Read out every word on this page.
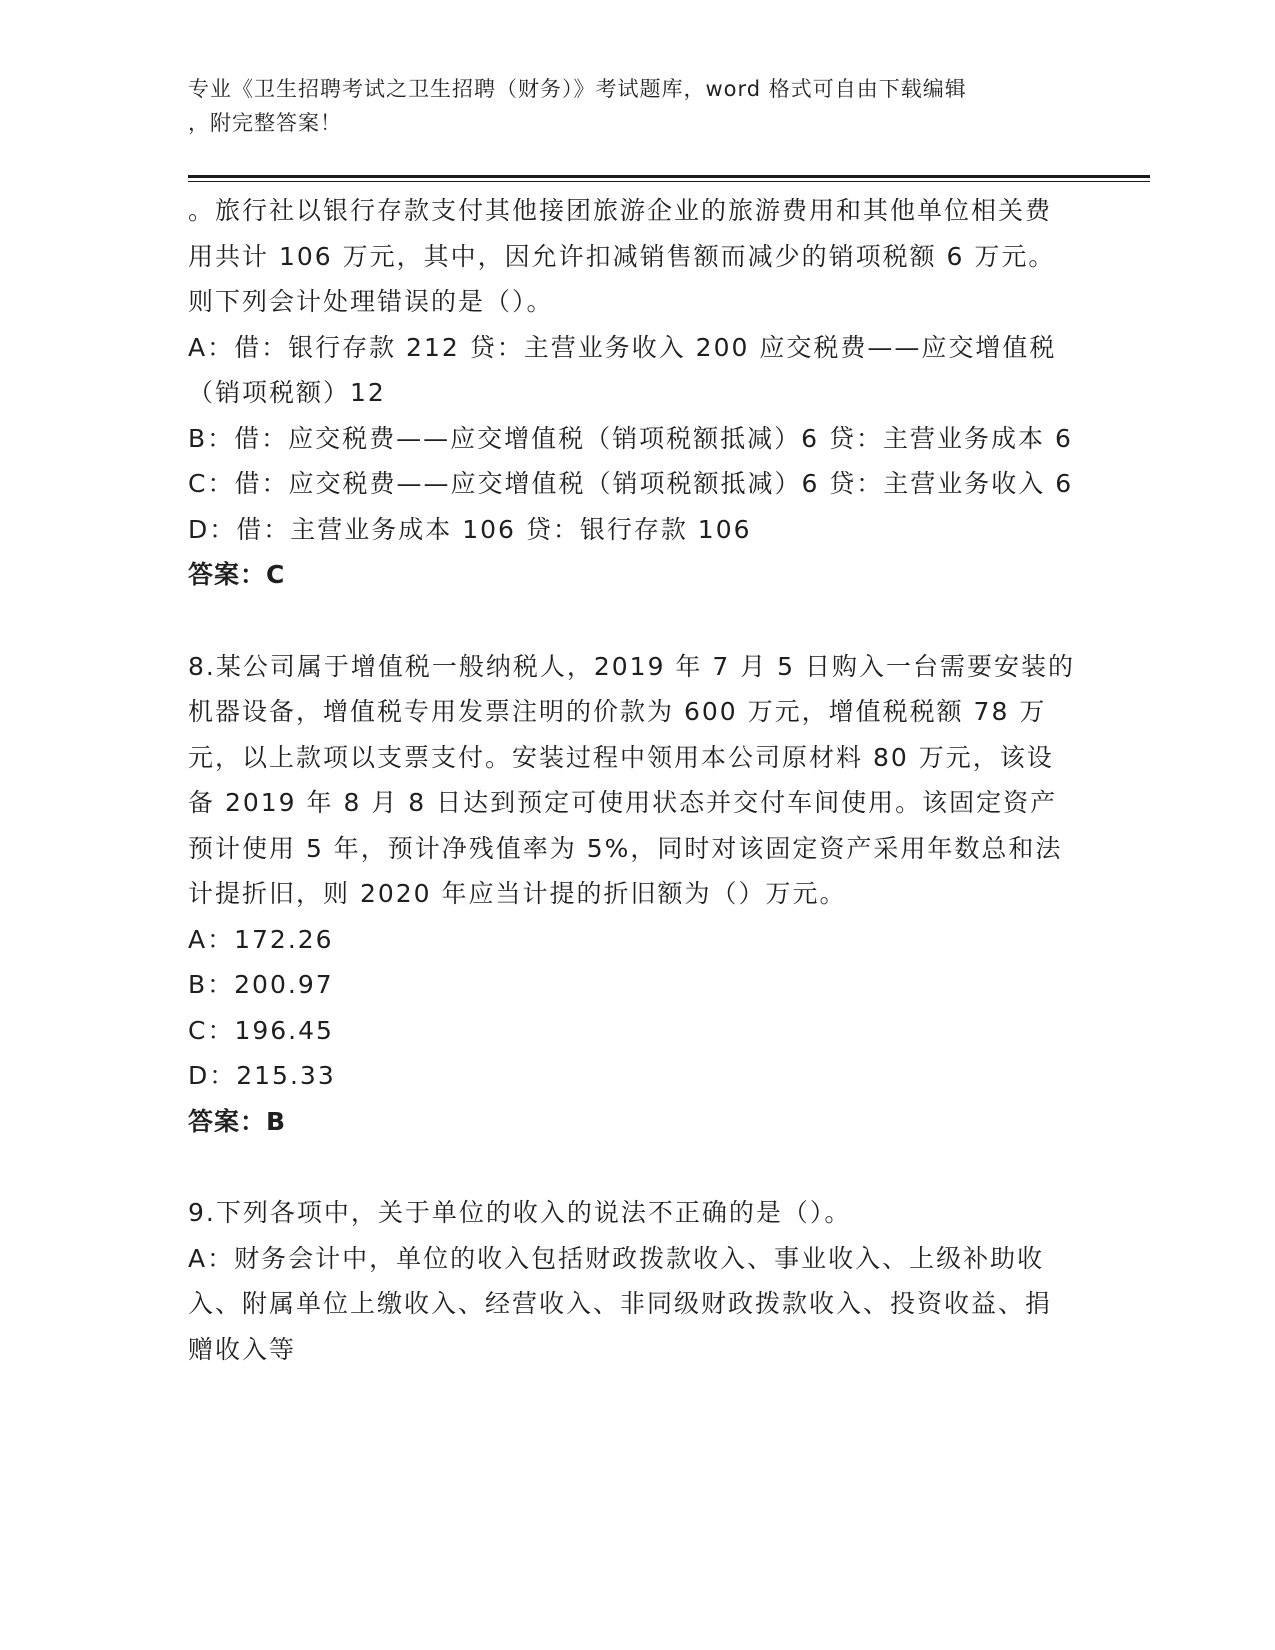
专业《卫生招聘考试之卫生招聘（财务）》考试题库，word 格式可自由下载编辑
，附完整答案！

。旅行社以银行存款支付其他接团旅游企业的旅游费用和其他单位相关费用共计 106 万元，其中，因允许扣减销售额而减少的销项税额 6 万元。则下列会计处理错误的是（）。

A：借：银行存款 212 贷：主营业务收入 200 应交税费——应交增值税（销项税额）12

B：借：应交税费——应交增值税（销项税额抵减）6 贷：主营业务成本 6

C：借：应交税费——应交增值税（销项税额抵减）6 贷：主营业务收入 6

D：借：主营业务成本 106 贷：银行存款 106

答案：C

8.某公司属于增值税一般纳税人，2019 年 7 月 5 日购入一台需要安装的机器设备，增值税专用发票注明的价款为 600 万元，增值税税额 78 万元，以上款项以支票支付。安装过程中领用本公司原材料 80 万元，该设备 2019 年 8 月 8 日达到预定可使用状态并交付车间使用。该固定资产预计使用 5 年，预计净残值率为 5%，同时对该固定资产采用年数总和法计提折旧，则 2020 年应当计提的折旧额为（）万元。

A：172.26

B：200.97

C：196.45

D：215.33

答案：B

9.下列各项中，关于单位的收入的说法不正确的是（）。

A：财务会计中，单位的收入包括财政拨款收入、事业收入、上级补助收入、附属单位上缴收入、经营收入、非同级财政拨款收入、投资收益、捐赠收入等
